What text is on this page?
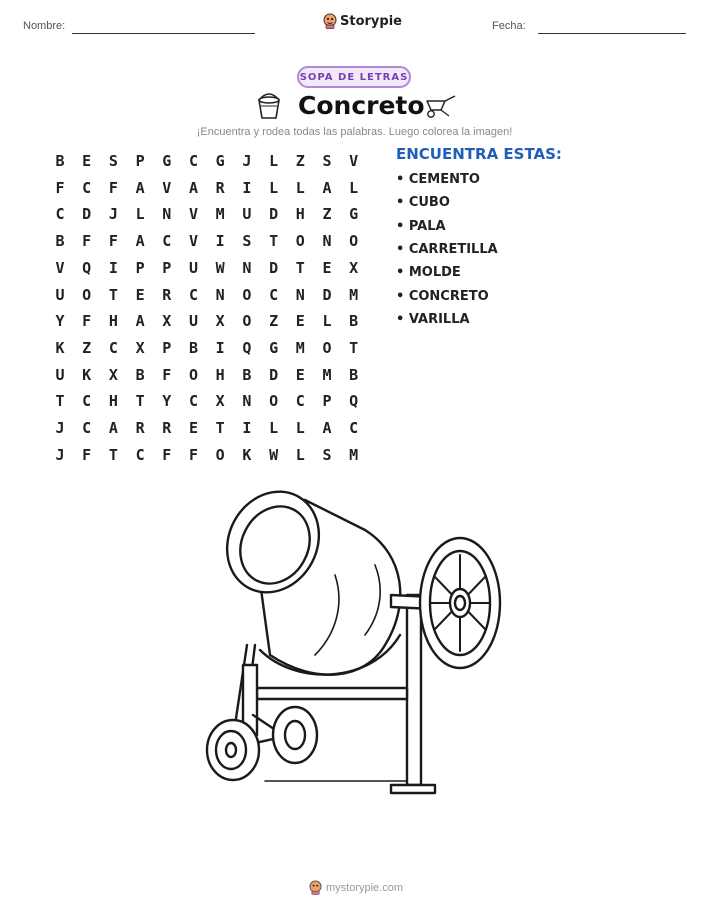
Nombre:	Storypie	Fecha:
SOPA DE LETRAS
Concreto
¡Encuentra y rodea todas las palabras. Luego colorea la imagen!
B	E	S	P	G	C	G	J	L	Z	S	V
F	C	F	A	V	A	R	I	L	L	A	L
C	D	J	L	N	V	M	U	D	H	Z	G
B	F	F	A	C	V	I	S	T	O	N	O
V	Q	I	P	P	U	W	N	D	T	E	X
U	O	T	E	R	C	N	O	C	N	D	M
Y	F	H	A	X	U	X	O	Z	E	L	B
K	Z	C	X	P	B	I	Q	G	M	O	T
U	K	X	B	F	O	H	B	D	E	M	B
T	C	H	T	Y	C	X	N	O	C	P	Q
J	C	A	R	R	E	T	I	L	L	A	C
J	F	T	C	F	F	O	K	W	L	S	M
ENCUENTRA ESTAS:
• CEMENTO
• CUBO
• PALA
• CARRETILLA
• MOLDE
• CONCRETO
• VARILLA
mystorypie.com
